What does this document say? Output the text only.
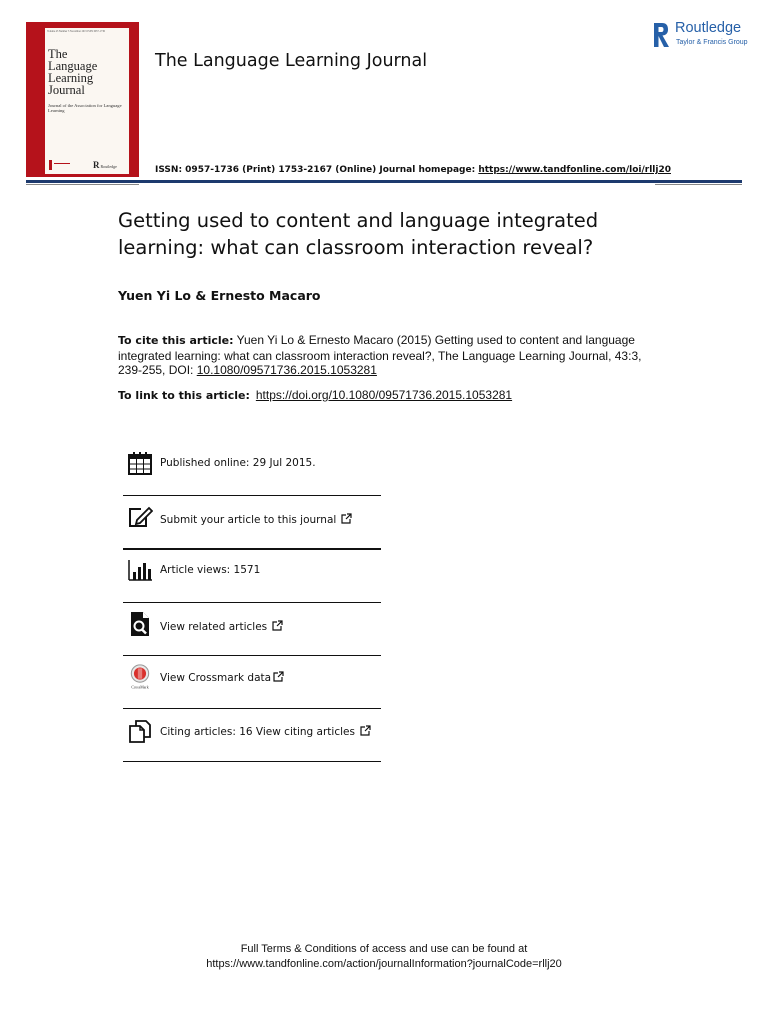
Volume 43 Number 3 November 2015 ISSN 0957-1736
The
Language
Learning
Journal
Journal of the Association for Language Learning
RRoutledge
The Language Learning Journal
Routledge
Taylor & Francis Group
ISSN: 0957-1736 (Print) 1753-2167 (Online) Journal homepage: https://www.tandfonline.com/loi/rllj20
Getting used to content and language integrated learning: what can classroom interaction reveal?
Yuen Yi Lo & Ernesto Macaro
To cite this article: Yuen Yi Lo & Ernesto Macaro (2015) Getting used to content and language integrated learning: what can classroom interaction reveal?, The Language Learning Journal, 43:3, 239-255, DOI: 10.1080/09571736.2015.1053281
To link to this article: https://doi.org/10.1080/09571736.2015.1053281
Published online: 29 Jul 2015.
Submit your article to this journal
Article views: 1571
View related articles
CrossMark
View Crossmark data
Citing articles: 16 View citing articles
Full Terms & Conditions of access and use can be found at
https://www.tandfonline.com/action/journalInformation?journalCode=rllj20
